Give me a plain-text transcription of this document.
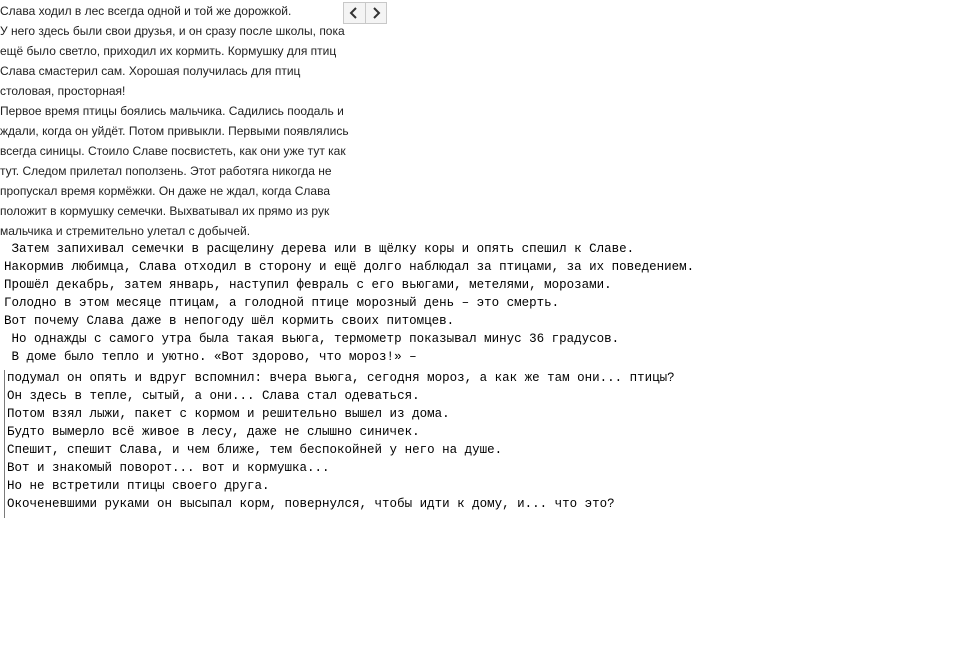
Слава ходил в лес всегда одной и той же дорожкой.
У него здесь были свои друзья, и он сразу после школы, пока
ещё было светло, приходил их кормить. Кормушку для птиц
Слава смастерил сам. Хорошая получилась для птиц
столовая, просторная!
Первое время птицы боялись мальчика. Садились поодаль и
ждали, когда он уйдёт. Потом привыкли. Первыми появлялись
всегда синицы. Стоило Славе посвистеть, как они уже тут как
тут. Следом прилетал поползень. Этот работяга никогда не
пропускал время кормёжки. Он даже не ждал, когда Слава
положит в кормушку семечки. Выхватывал их прямо из рук
мальчика и стремительно улетал с добычей.
Затем запихивал семечки в расщелину дерева или в щёлку коры и опять спешил к Славе.
Накормив любимца, Слава отходил в сторону и ещё долго наблюдал за птицами, за их поведением.
Прошёл декабрь, затем январь, наступил февраль с его вьюгами, метелями, морозами.
Голодно в этом месяце птицам, а голодной птице морозный день – это смерть.
Вот почему Слава даже в непогоду шёл кормить своих питомцев.
Но однажды с самого утра была такая вьюга, термометр показывал минус 36 градусов.
В доме было тепло и уютно. «Вот здорово, что мороз!» –
подумал он опять и вдруг вспомнил: вчера вьюга, сегодня мороз, а как же там они... птицы?
Он здесь в тепле, сытый, а они... Слава стал одеваться.
Потом взял лыжи, пакет с кормом и решительно вышел из дома.
Будто вымерло всё живое в лесу, даже не слышно синичек.
Спешит, спешит Слава, и чем ближе, тем беспокойней у него на душе.
Вот и знакомый поворот... вот и кормушка...
Но не встретили птицы своего друга.
Окоченевшими руками он высыпал корм, повернулся, чтобы идти к дому, и... что это?
